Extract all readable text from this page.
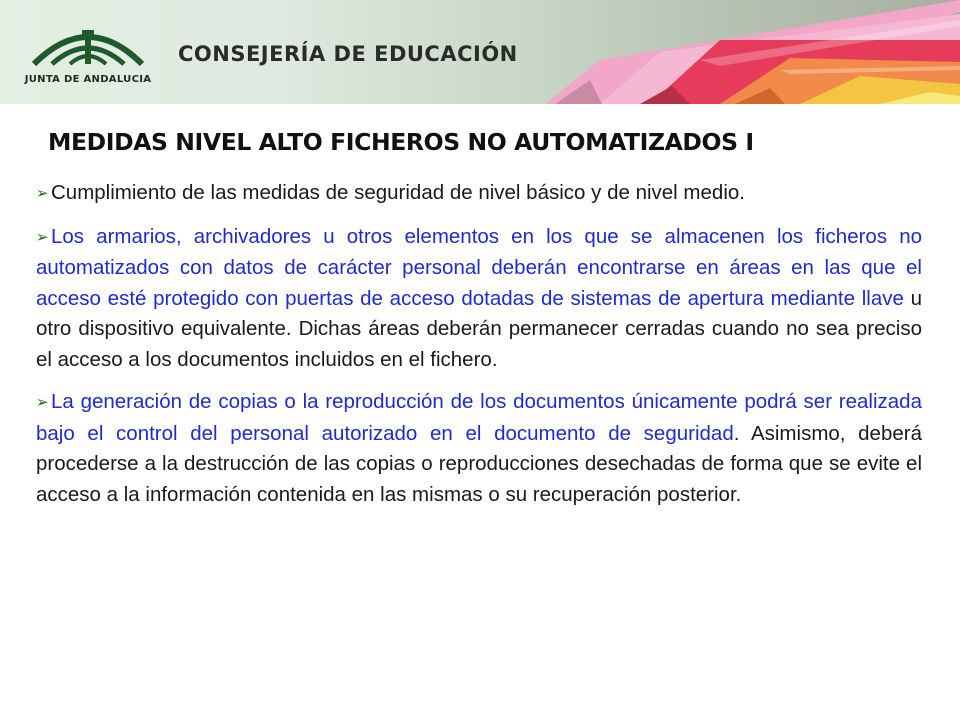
JUNTA DE ANDALUCIA
CONSEJERÍA DE EDUCACIÓN
MEDIDAS NIVEL ALTO FICHEROS NO AUTOMATIZADOS I

➢ Cumplimiento de las medidas de seguridad de nivel básico y de nivel medio.

➢ Los armarios, archivadores u otros elementos en los que se almacenen los ficheros no automatizados con datos de carácter personal deberán encontrarse en áreas en las que el acceso esté protegido con puertas de acceso dotadas de sistemas de apertura mediante llave u otro dispositivo equivalente. Dichas áreas deberán permanecer cerradas cuando no sea preciso el acceso a los documentos incluidos en el fichero.

➢ La generación de copias o la reproducción de los documentos únicamente podrá ser realizada bajo el control del personal autorizado en el documento de seguridad. Asimismo, deberá procederse a la destrucción de las copias o reproducciones desechadas de forma que se evite el acceso a la información contenida en las mismas o su recuperación posterior.
